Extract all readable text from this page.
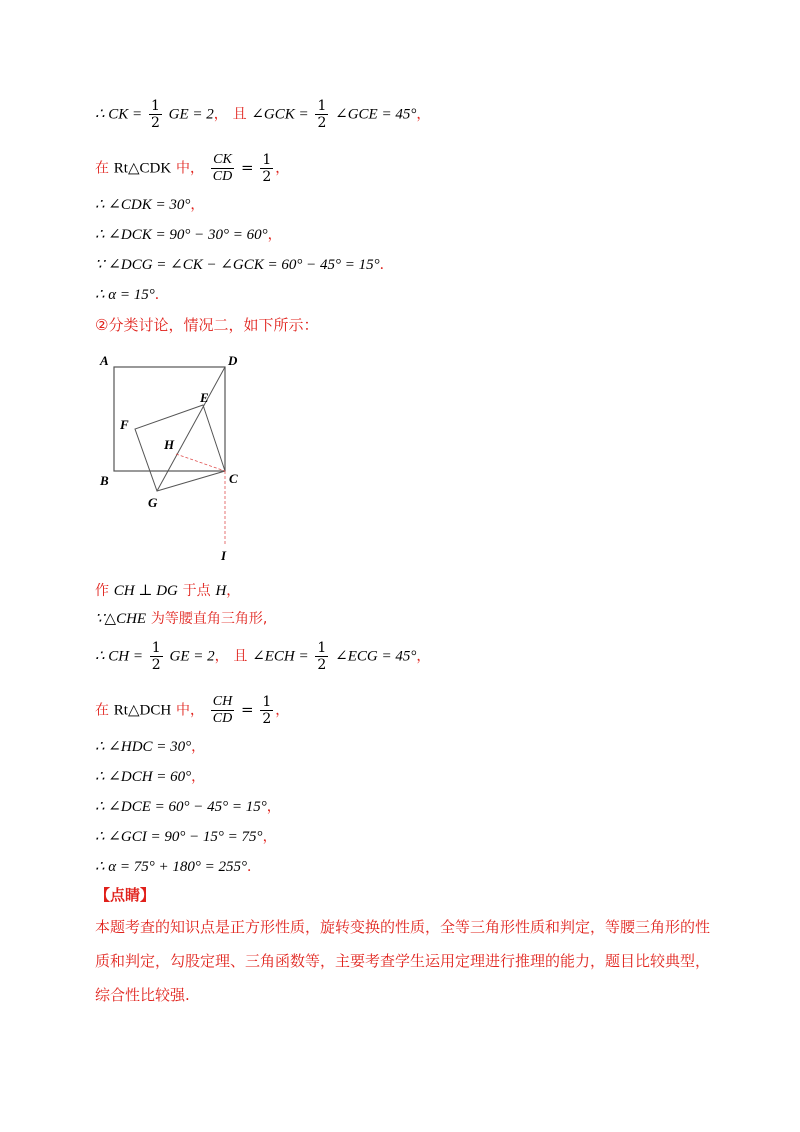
∴ CK = $\frac{1}{2}$ GE = 2， 且 ∠GCK = $\frac{1}{2}$ ∠GCE = 45°，
在 Rt△CDK 中， $\frac{CK}{CD} = \frac{1}{2}$ ，
∴ ∠CDK = 30°，
∴ ∠DCK = 90° − 30° = 60°，
∵ ∠DCG = ∠CK − ∠GCK = 60° − 45° = 15°．
∴ α = 15°．
②分类讨论，情况二，如下所示：
A	D
E
F
H
B	C
G
I
作 CH ⊥ DG 于点 H，
∵△CHE 为等腰直角三角形,
∴ CH = $\frac{1}{2}$ GE = 2， 且 ∠ECH = $\frac{1}{2}$ ∠ECG = 45°，
在 Rt△DCH 中， $\frac{CH}{CD} = \frac{1}{2}$ ，
∴ ∠HDC = 30°，
∴ ∠DCH = 60°，
∴ ∠DCE = 60° − 45° = 15°，
∴ ∠GCI = 90° − 15° = 75°，
∴ α = 75° + 180° = 255°．
【点睛】
本题考查的知识点是正方形性质，旋转变换的性质，全等三角形性质和判定，等腰三角形的性质和判定，勾股定理、三角函数等，主要考查学生运用定理进行推理的能力，题目比较典型，综合性比较强.
